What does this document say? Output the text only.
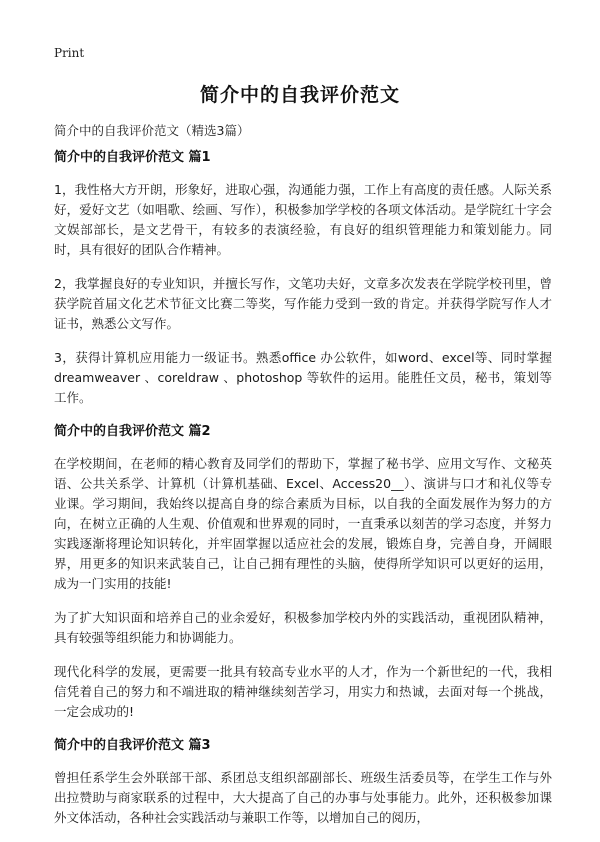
Print
简介中的自我评价范文
简介中的自我评价范文（精选3篇）
简介中的自我评价范文 篇1

1，我性格大方开朗，形象好，进取心强，沟通能力强，工作上有高度的责任感。人际关系好，爱好文艺（如唱歌、绘画、写作），积极参加学学校的各项文体活动。是学院红十字会文娱部部长，是文艺骨干，有较多的表演经验，有良好的组织管理能力和策划能力。同时，具有很好的团队合作精神。

2，我掌握良好的专业知识，并擅长写作，文笔功夫好，文章多次发表在学院学校刊里，曾获学院首届文化艺术节征文比赛二等奖，写作能力受到一致的肯定。并获得学院写作人才证书，熟悉公文写作。

3，获得计算机应用能力一级证书。熟悉office 办公软件，如word、excel等、同时掌握dreamweaver 、coreldraw 、photoshop 等软件的运用。能胜任文员，秘书，策划等工作。

简介中的自我评价范文 篇2

在学校期间，在老师的精心教育及同学们的帮助下，掌握了秘书学、应用文写作、文秘英语、公共关系学、计算机（计算机基础、Excel、Access20__）、演讲与口才和礼仪等专业课。学习期间，我始终以提高自身的综合素质为目标，以自我的全面发展作为努力的方向，在树立正确的人生观、价值观和世界观的同时，一直秉承以刻苦的学习态度，并努力实践逐渐将理论知识转化，并牢固掌握以适应社会的发展，锻炼自身，完善自身，开阔眼界，用更多的知识来武装自己，让自己拥有理性的头脑，使得所学知识可以更好的运用，成为一门实用的技能!

为了扩大知识面和培养自己的业余爱好，积极参加学校内外的实践活动，重视团队精神，具有较强等组织能力和协调能力。

现代化科学的发展，更需要一批具有较高专业水平的人才，作为一个新世纪的一代，我相信凭着自己的努力和不端进取的精神继续刻苦学习，用实力和热诚，去面对每一个挑战，一定会成功的!

简介中的自我评价范文 篇3

曾担任系学生会外联部干部、系团总支组织部副部长、班级生活委员等，在学生工作与外出拉赞助与商家联系的过程中，大大提高了自己的办事与处事能力。此外，还积极参加课外文体活动，各种社会实践活动与兼职工作等，以增加自己的阅历，
